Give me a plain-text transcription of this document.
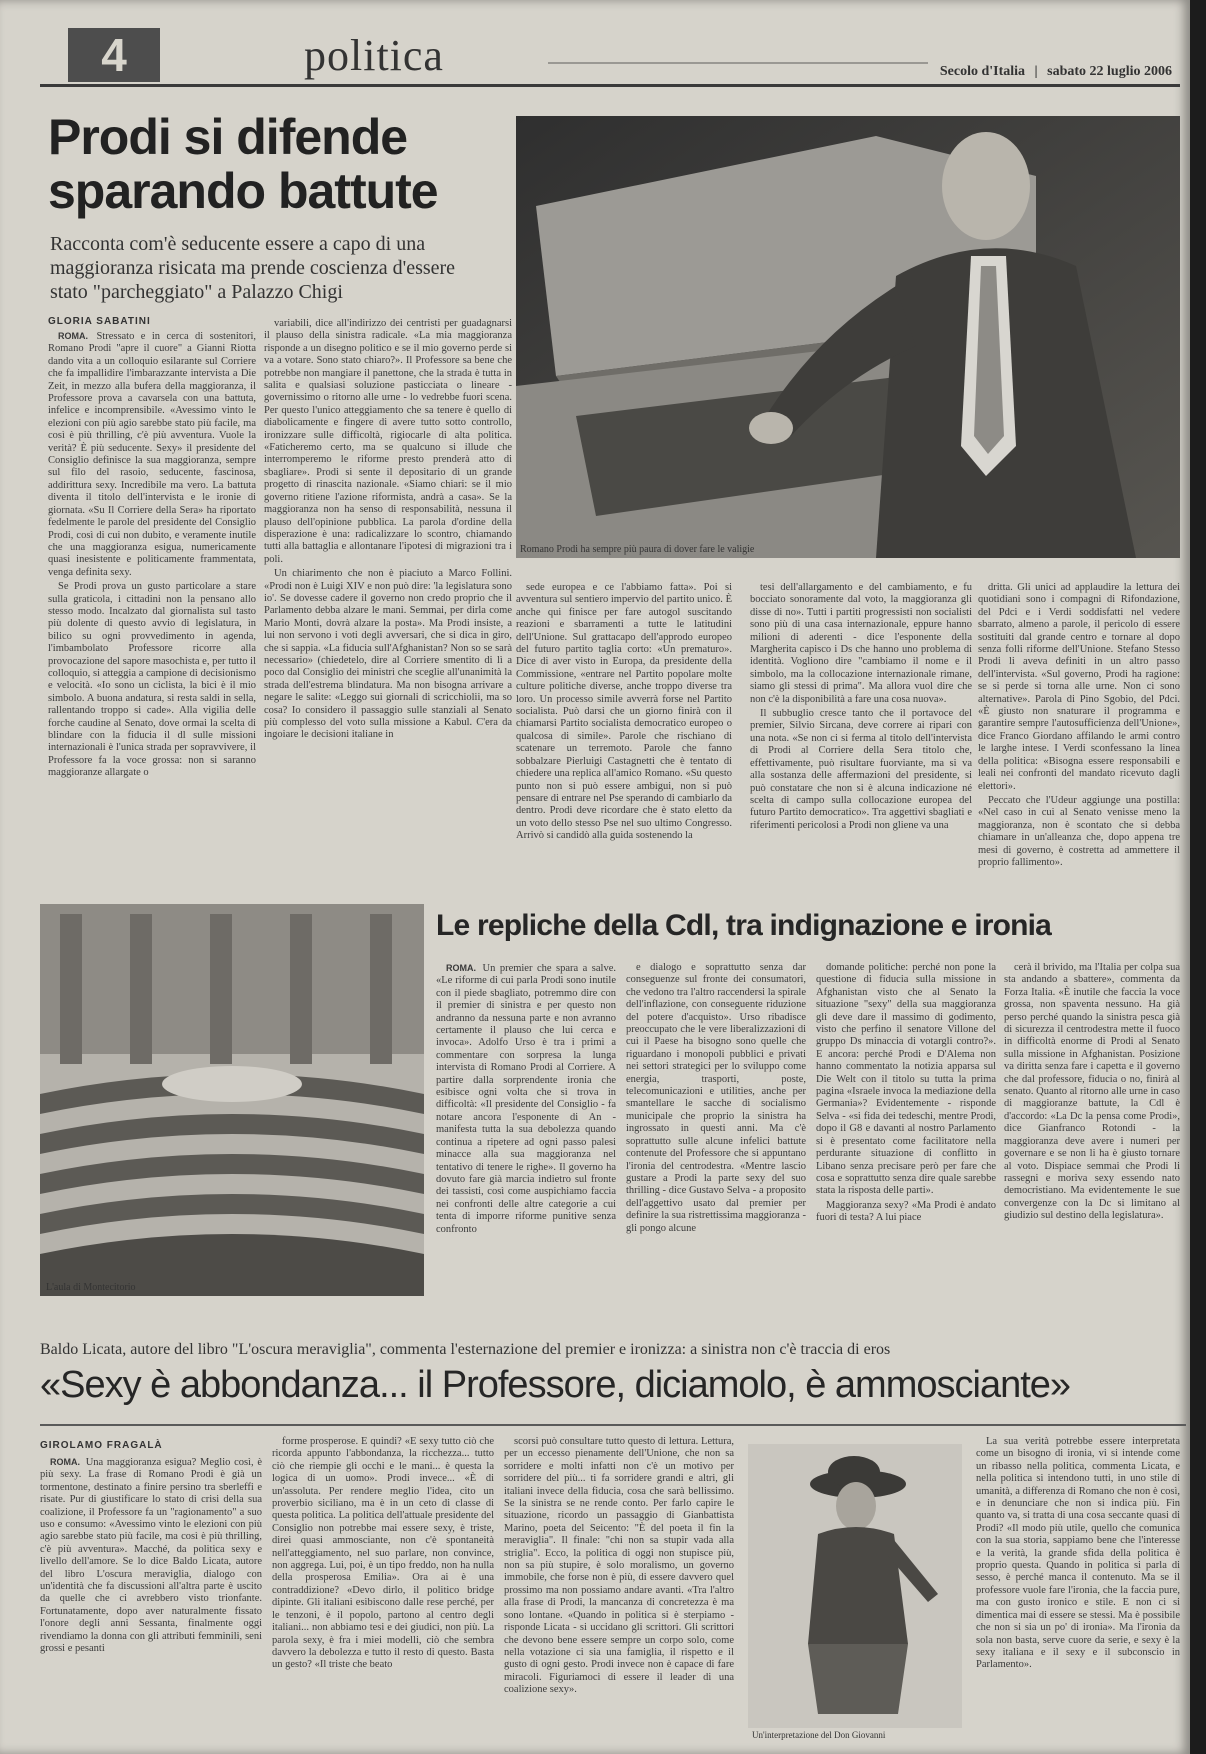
4	politica	Secolo d'Italia | sabato 22 luglio 2006
Prodi si difende
sparando battute
Racconta com'è seducente essere a capo di una maggioranza risicata ma prende coscienza d'essere stato "parcheggiato" a Palazzo Chigi
GLORIA SABATINI

ROMA. Stressato e in cerca di sostenitori, Romano Prodi "apre il cuore" a Gianni Riotta dando vita a un colloquio esilarante sul Corriere che fa impallidire l'imbarazzante intervista a Die Zeit, in mezzo alla bufera della maggioranza, il Professore prova a cavarsela con una battuta, infelice e incomprensibile. «Avessimo vinto le elezioni con più agio sarebbe stato più facile, ma così è più thrilling, c'è più avventura. Vuole la verità? È più seducente. Sexy» il presidente del Consiglio definisce la sua maggioranza, sempre sul filo del rasoio, seducente, fascinosa, addirittura sexy. Incredibile ma vero. La battuta diventa il titolo dell'intervista e le ironie di giornata. «Su Il Corriere della Sera» ha riportato fedelmente le parole del presidente del Consiglio Prodi, così di cui non dubito, e veramente inutile che una maggioranza esigua, numericamente quasi inesistente e politicamente frammentata, venga definita sexy.

Se Prodi prova un gusto particolare a stare sulla graticola, i cittadini non la pensano allo stesso modo. Incalzato dal giornalista sul tasto più dolente di questo avvio di legislatura, in bilico su ogni provvedimento in agenda, l'imbambolato Professore ricorre alla provocazione del sapore masochista e, per tutto il colloquio, si atteggia a campione di decisionismo e velocità. «Io sono un ciclista, la bici è il mio simbolo. A buona andatura, si resta saldi in sella, rallentando troppo si cade». Alla vigilia delle forche caudine al Senato, dove ormai la scelta di blindare con la fiducia il dl sulle missioni internazionali è l'unica strada per sopravvivere, il Professore fa la voce grossa: non si saranno maggioranze allargate o

variabili, dice all'indirizzo dei centristi per guadagnarsi il plauso della sinistra radicale. «La mia maggioranza risponde a un disegno politico e se il mio governo perde si va a votare. Sono stato chiaro?». Il Professore sa bene che potrebbe non mangiare il panettone, che la strada è tutta in salita e qualsiasi soluzione pasticciata o lineare - governissimo o ritorno alle urne - lo vedrebbe fuori scena. Per questo l'unico atteggiamento che sa tenere è quello di diabolicamente e fingere di avere tutto sotto controllo, ironizzare sulle difficoltà, rigiocarle di alta politica. «Faticheremo certo, ma se qualcuno si illude che interromperemo le riforme presto prenderà atto di sbagliare». Prodi si sente il depositario di un grande progetto di rinascita nazionale. «Siamo chiari: se il mio governo ritiene l'azione riformista, andrà a casa». Se la maggioranza non ha senso di responsabilità, nessuna il plauso dell'opinione pubblica. La parola d'ordine della disperazione è una: radicalizzare lo scontro, chiamando tutti alla battaglia e allontanare l'ipotesi di migrazioni tra i poli.

Un chiarimento che non è piaciuto a Marco Follini. «Prodi non è Luigi XIV e non può dire: 'la legislatura sono io'. Se dovesse cadere il governo non credo proprio che il Parlamento debba alzare le mani. Semmai, per dirla come Mario Monti, dovrà alzare la posta». Ma Prodi insiste, a lui non servono i voti degli avversari, che si dica in giro, che si sappia. «La fiducia sull'Afghanistan? Non so se sarà necessario» (chiedetelo, dire al Corriere smentito di lì a poco dal Consiglio dei ministri che sceglie all'unanimità la strada dell'estrema blindatura. Ma non bisogna arrivare a negare le salite: «Leggo sui giornali di scricchiolii, ma so cosa? Io considero il passaggio sulle stanziali al Senato più complesso del voto sulla missione a Kabul. C'era da ingoiare le decisioni italiane in

sede europea e ce l'abbiamo fatta». Poi si avventura sul sentiero impervio del partito unico. È anche qui finisce per fare autogol suscitando reazioni e sbarramenti a tutte le latitudini dell'Unione. Sul grattacapo dell'approdo europeo del futuro partito taglia corto: «Un prematuro». Dice di aver visto in Europa, da presidente della Commissione, «entrare nel Partito popolare molte culture politiche diverse, anche troppo diverse tra loro. Un processo simile avverrà forse nel Partito socialista. Può darsi che un giorno finirà con il chiamarsi Partito socialista democratico europeo o qualcosa di simile». Parole che rischiano di scatenare un terremoto. Parole che fanno sobbalzare Pierluigi Castagnetti che è tentato di chiedere una replica all'amico Romano. «Su questo punto non si può essere ambigui, non si può pensare di entrare nel Pse sperando di cambiarlo da dentro. Prodi deve ricordare che è stato eletto da un voto dello stesso Pse nel suo ultimo Congresso. Arrivò si candidò alla guida sostenendo la

tesi dell'allargamento e del cambiamento, e fu bocciato sonoramente dal voto, la maggioranza gli disse di no». Tutti i partiti progressisti non socialisti sono più di una casa internazionale, eppure hanno milioni di aderenti - dice l'esponente della Margherita capisco i Ds che hanno uno problema di identità. Vogliono dire "cambiamo il nome e il simbolo, ma la collocazione internazionale rimane, siamo gli stessi di prima". Ma allora vuol dire che non c'è la disponibilità a fare una cosa nuova».

Il subbuglio cresce tanto che il portavoce del premier, Silvio Sircana, deve correre ai ripari con una nota. «Se non ci si ferma al titolo dell'intervista di Prodi al Corriere della Sera titolo che, effettivamente, può risultare fuorviante, ma si va alla sostanza delle affermazioni del presidente, si può constatare che non si è alcuna indicazione né scelta di campo sulla collocazione europea del futuro Partito democratico». Tra aggettivi sbagliati e riferimenti pericolosi a Prodi non gliene va una

dritta. Gli unici ad applaudire la lettura dei quotidiani sono i compagni di Rifondazione, del Pdci e i Verdi soddisfatti nel vedere sbarrato, almeno a parole, il pericolo di essere sostituiti dal grande centro e tornare al dopo senza folli riforme dell'Unione. Stefano Stesso Prodi li aveva definiti in un altro passo dell'intervista. «Sul governo, Prodi ha ragione: se si perde si torna alle urne. Non ci sono alternative». Parola di Pino Sgobio, del Pdci. «È giusto non snaturare il programma e garantire sempre l'autosufficienza dell'Unione», dice Franco Giordano affilando le armi contro le larghe intese. I Verdi sconfessano la linea della politica: «Bisogna essere responsabili e leali nei confronti del mandato ricevuto dagli elettori».

Peccato che l'Udeur aggiunge una postilla: «Nel caso in cui al Senato venisse meno la maggioranza, non è scontato che si debba chiamare in un'alleanza che, dopo appena tre mesi di governo, è costretta ad ammettere il proprio fallimento».

Romano Prodi ha sempre più paura di dover fare le valigie
L'aula di Montecitorio
Le repliche della Cdl, tra indignazione e ironia

ROMA. Un premier che spara a salve. «Le riforme di cui parla Prodi sono inutile con il piede sbagliato, potremmo dire con il premier di sinistra e per questo non andranno da nessuna parte e non avranno certamente il plauso che lui cerca e invoca». Adolfo Urso è tra i primi a commentare con sorpresa la lunga intervista di Romano Prodi al Corriere. A partire dalla sorprendente ironia che esibisce ogni volta che si trova in difficoltà: «Il presidente del Consiglio - fa notare ancora l'esponente di An - manifesta tutta la sua debolezza quando continua a ripetere ad ogni passo palesi minacce alla sua maggioranza nel tentativo di tenere le righe». Il governo ha dovuto fare già marcia indietro sul fronte dei tassisti, così come auspichiamo faccia nei confronti delle altre categorie a cui tenta di imporre riforme punitive senza confronto

e dialogo e soprattutto senza dar conseguenze sul fronte dei consumatori, che vedono tra l'altro raccendersi la spirale dell'inflazione, con conseguente riduzione del potere d'acquisto». Urso ribadisce preoccupato che le vere liberalizzazioni di cui il Paese ha bisogno sono quelle che riguardano i monopoli pubblici e privati nei settori strategici per lo sviluppo come energia, trasporti, poste, telecomunicazioni e utilities, anche per smantellare le sacche di socialismo municipale che proprio la sinistra ha ingrossato in questi anni. Ma c'è soprattutto sulle alcune infelici battute contenute del Professore che si appuntano l'ironia del centrodestra. «Mentre lascio gustare a Prodi la parte sexy del suo thrilling - dice Gustavo Selva - a proposito dell'aggettivo usato dal premier per definire la sua ristrettissima maggioranza - gli pongo alcune

domande politiche: perché non pone la questione di fiducia sulla missione in Afghanistan visto che al Senato la situazione "sexy" della sua maggioranza gli deve dare il massimo di godimento, visto che perfino il senatore Villone del gruppo Ds minaccia di votargli contro?». E ancora: perché Prodi e D'Alema non hanno commentato la notizia apparsa sul Die Welt con il titolo su tutta la prima pagina «Israele invoca la mediazione della Germania»? Evidentemente - risponde Selva - «si fida dei tedeschi, mentre Prodi, dopo il G8 e davanti al nostro Parlamento si è presentato come facilitatore nella perdurante situazione di conflitto in Libano senza precisare però per fare che cosa e soprattutto senza dire quale sarebbe stata la risposta delle parti».

Maggioranza sexy? «Ma Prodi è andato fuori di testa? A lui piace

cerà il brivido, ma l'Italia per colpa sua sta andando a sbattere», commenta da Forza Italia. «È inutile che faccia la voce grossa, non spaventa nessuno. Ha già perso perché quando la sinistra pesca già di sicurezza il centrodestra mette il fuoco in difficoltà enorme di Prodi al Senato sulla missione in Afghanistan. Posizione va diritta senza fare i capetta e il governo che dal professore, fiducia o no, finirà al senato. Quanto al ritorno alle urne in caso di maggioranze battute, la Cdl è d'accordo: «La Dc la pensa come Prodi», dice Gianfranco Rotondi - la maggioranza deve avere i numeri per governare e se non li ha è giusto tornare al voto. Dispiace semmai che Prodi li rassegni e moriva sexy essendo nato democristiano. Ma evidentemente le sue convergenze con la Dc si limitano al giudizio sul destino della legislatura».

Baldo Licata, autore del libro "L'oscura meraviglia", commenta l'esternazione del premier e ironizza: a sinistra non c'è traccia di eros
«Sexy è abbondanza... il Professore, diciamolo, è ammosciante»
GIROLAMO FRAGALÀ

ROMA. Una maggioranza esigua? Meglio così, è più sexy. La frase di Romano Prodi è già un tormentone, destinato a finire persino tra sberleffi e risate. Pur di giustificare lo stato di crisi della sua coalizione, il Professore fa un "ragionamento" a suo uso e consumo: «Avessimo vinto le elezioni con più agio sarebbe stato più facile, ma così è più thrilling, c'è più avventura». Macché, da politica sexy e livello dell'amore. Se lo dice Baldo Licata, autore del libro L'oscura meraviglia, dialogo con un'identità che fa discussioni all'altra parte è uscito da quelle che ci avrebbero visto trionfante. Fortunatamente, dopo aver naturalmente fissato l'onore degli anni Sessanta, finalmente oggi rivendiamo la donna con gli attributi femminili, seni grossi e pesanti

forme prosperose. E quindi? «E sexy tutto ciò che ricorda appunto l'abbondanza, la ricchezza... tutto ciò che riempie gli occhi e le mani... è questa la logica di un uomo». Prodi invece... «È di un'assoluta. Per rendere meglio l'idea, cito un proverbio siciliano, ma è in un ceto di classe di questa politica. La politica dell'attuale presidente del Consiglio non potrebbe mai essere sexy, è triste, direi quasi ammosciante, non c'è spontaneità nell'atteggiamento, nel suo parlare, non convince, non aggrega. Lui, poi, è un tipo freddo, non ha nulla della prosperosa Emilia». Ora ai è una contraddizione? «Devo dirlo, il politico bridge dipinte. Gli italiani esibiscono dalle rese perché, per le tenzoni, è il popolo, partono al centro degli italiani... non abbiamo tesi e dei giudici, non più. La parola sexy, è fra i miei modelli, ciò che sembra davvero la debolezza e tutto il resto di questo. Basta un gesto? «Il triste che beato

scorsi può consultare tutto questo di lettura. Lettura, per un eccesso pienamente dell'Unione, che non sa sorridere e molti infatti non c'è un motivo per sorridere del più... ti fa sorridere grandi e altri, gli italiani invece della fiducia, cosa che sarà bellissimo. Se la sinistra se ne rende conto. Per farlo capire le situazione, ricordo un passaggio di Gianbattista Marino, poeta del Seicento: "È del poeta il fin la meraviglia". Il finale: "chi non sa stupir vada alla striglia". Ecco, la politica di oggi non stupisce più, non sa più stupire, è solo moralismo, un governo immobile, che forse non è più, di essere davvero quel prossimo ma non possiamo andare avanti. «Tra l'altro alla frase di Prodi, la mancanza di concretezza è ma sono lontane. «Quando in politica si è sterpiamo - risponde Licata - si uccidano gli scrittori. Gli scrittori che devono bene essere sempre un corpo solo, come nella votazione ci sia una famiglia, il rispetto e il gusto di ogni gesto. Prodi invece non è capace di fare miracoli. Figuriamoci di essere il leader di una coalizione sexy».

Un'interpretazione del Don Giovanni

La sua verità potrebbe essere interpretata come un bisogno di ironia, vi si intende come un ribasso nella politica, commenta Licata, e nella politica si intendono tutti, in uno stile di umanità, a differenza di Romano che non è così, e in denunciare che non si indica più. Fin quanto va, si tratta di una cosa seccante quasi di Prodi? «Il modo più utile, quello che comunica con la sua storia, sappiamo bene che l'interesse e la verità, la grande sfida della politica è proprio questa. Quando in politica si parla di sesso, è perché manca il contenuto. Ma se il professore vuole fare l'ironia, che la faccia pure, ma con gusto ironico e stile. E non ci si dimentica mai di essere se stessi. Ma è possibile che non si sia un po' di ironia». Ma l'ironia da sola non basta, serve cuore da serie, e sexy è la sexy italiana e il sexy e il subconscio in Parlamento».
